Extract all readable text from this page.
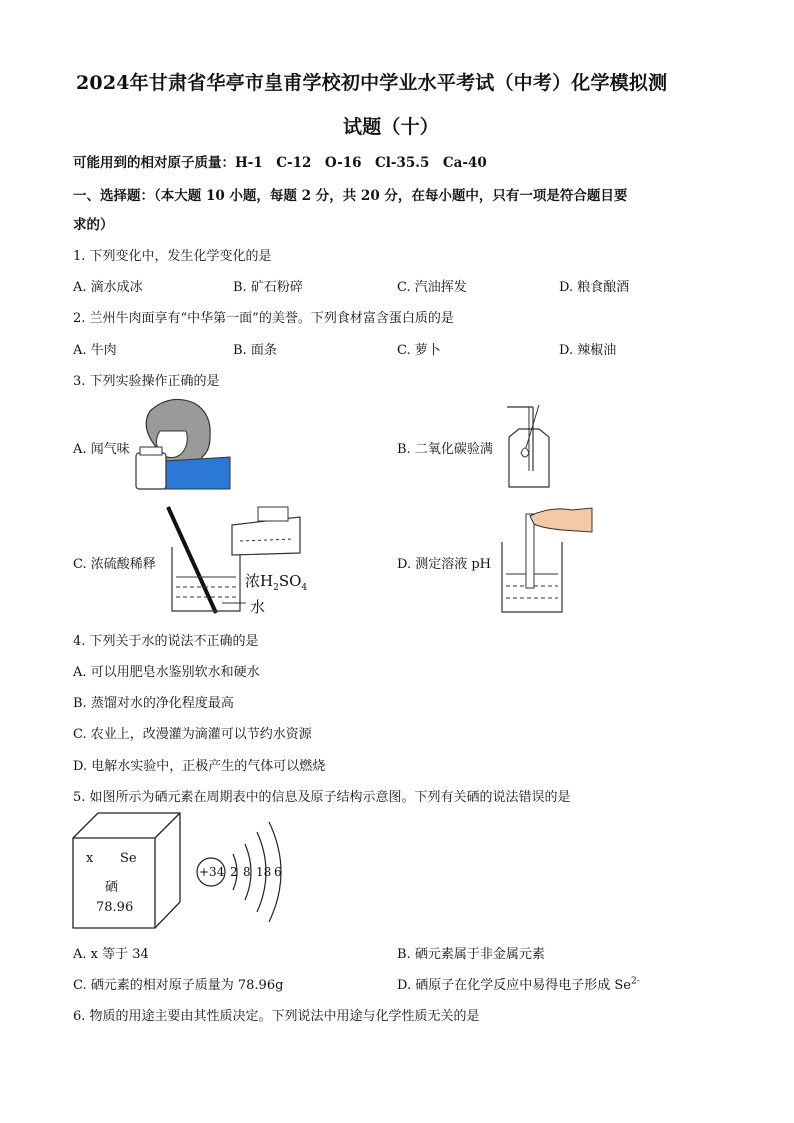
2024年甘肃省华亭市皇甫学校初中学业水平考试（中考）化学模拟测
试题（十）
可能用到的相对原子质量：H-1　C-12　O-16　Cl-35.5　Ca-40
一、选择题：（本大题 10 小题，每题 2 分，共 20 分，在每小题中，只有一项是符合题目要
求的）
1. 下列变化中，发生化学变化的是
A. 滴水成冰	B. 矿石粉碎	C. 汽油挥发	D. 粮食酿酒
2. 兰州牛肉面享有“中华第一面”的美誉。下列食材富含蛋白质的是
A. 牛肉	B. 面条	C. 萝卜	D. 辣椒油
3. 下列实验操作正确的是
A. 闻气味	B. 二氧化碳验满
C. 浓硫酸稀释
浓$H_2SO_4$
水
D. 测定溶液 pH
4. 下列关于水的说法不正确的是
A. 可以用肥皂水鉴别软水和硬水
B. 蒸馏对水的净化程度最高
C. 农业上，改漫灌为滴灌可以节约水资源
D. 电解水实验中，正极产生的气体可以燃烧
5. 如图所示为硒元素在周期表中的信息及原子结构示意图。下列有关硒的说法错误的是
x Se
硒
78.96
+34 2 8 18 6
A. x 等于 34	B. 硒元素属于非金属元素
C. 硒元素的相对原子质量为 78.96g	D. 硒原子在化学反应中易得电子形成 $Se^{2-}$
6. 物质的用途主要由其性质决定。下列说法中用途与化学性质无关的是
